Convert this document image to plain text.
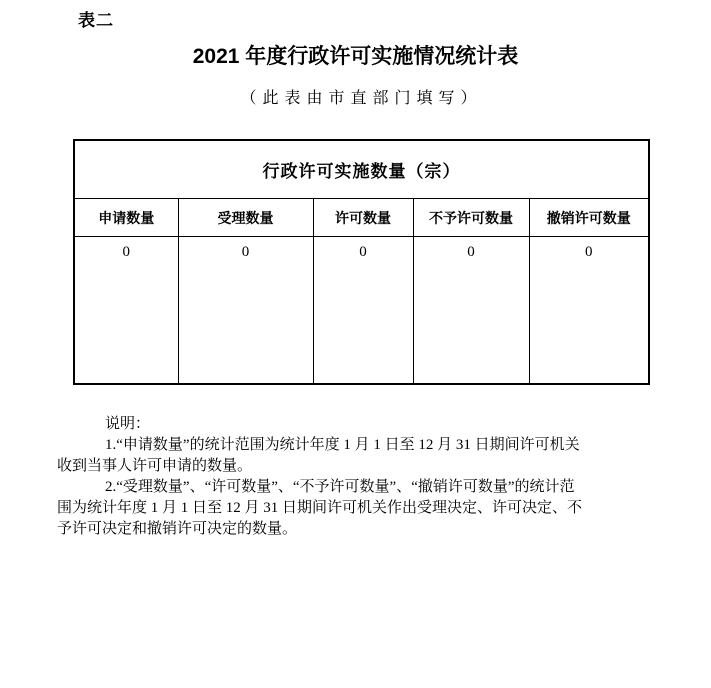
表二
2021 年度行政许可实施情况统计表
（此表由市直部门填写）
行政许可实施数量（宗）				
申请数量	受理数量	许可数量	不予许可数量	撤销许可数量
0	0	0	0	0
说明：
1.“申请数量”的统计范围为统计年度 1 月 1 日至 12 月 31 日期间许可机关
收到当事人许可申请的数量。
2.“受理数量”、“许可数量”、“不予许可数量”、“撤销许可数量”的统计范
围为统计年度 1 月 1 日至 12 月 31 日期间许可机关作出受理决定、许可决定、不
予许可决定和撤销许可决定的数量。
